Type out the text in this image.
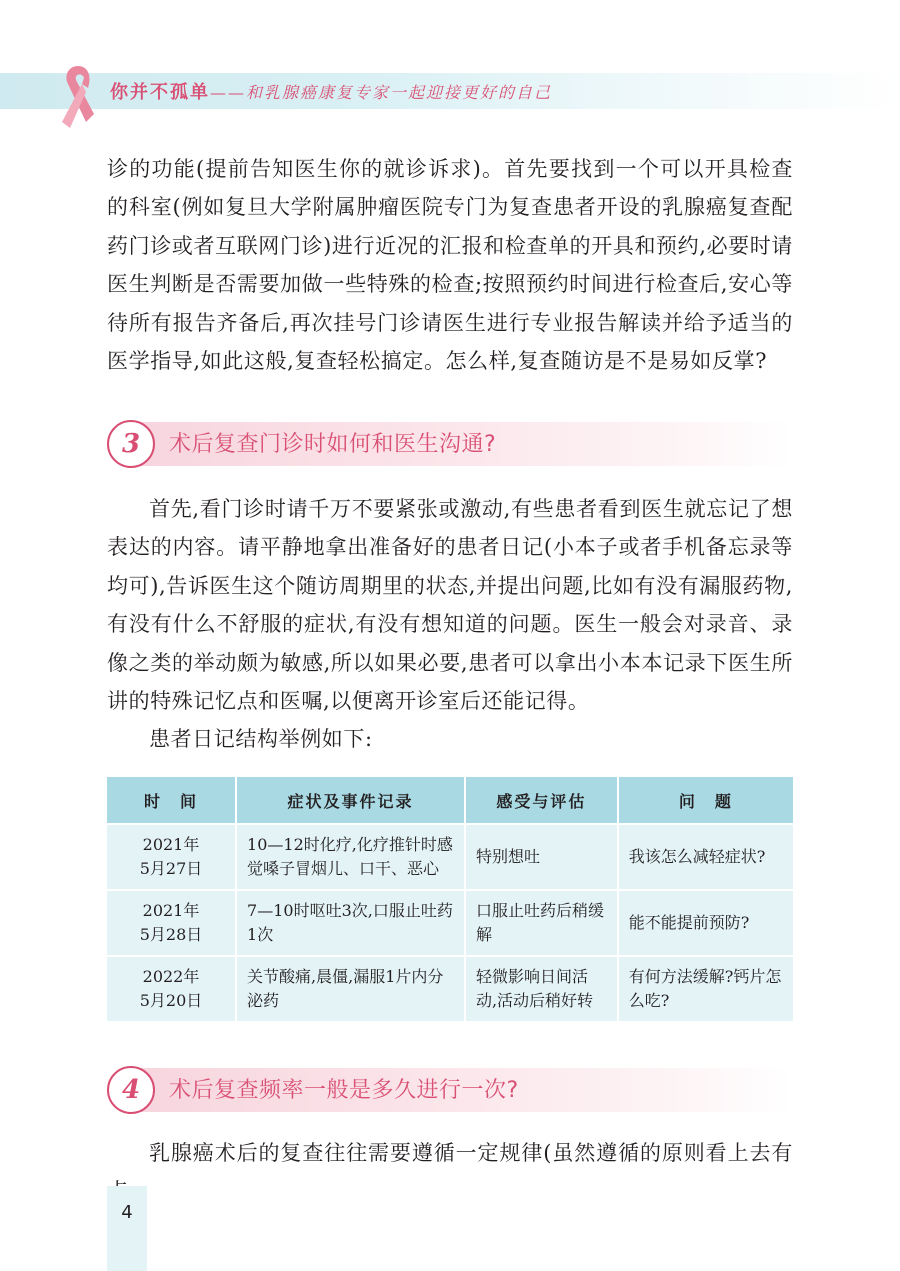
你并不孤单——和乳腺癌康复专家一起迎接更好的自己

诊的功能(提前告知医生你的就诊诉求)。首先要找到一个可以开具检查的科室(例如复旦大学附属肿瘤医院专门为复查患者开设的乳腺癌复查配药门诊或者互联网门诊)进行近况的汇报和检查单的开具和预约,必要时请医生判断是否需要加做一些特殊的检查;按照预约时间进行检查后,安心等待所有报告齐备后,再次挂号门诊请医生进行专业报告解读并给予适当的医学指导,如此这般,复查轻松搞定。怎么样,复查随访是不是易如反掌?

3	术后复查门诊时如何和医生沟通?

首先,看门诊时请千万不要紧张或激动,有些患者看到医生就忘记了想表达的内容。请平静地拿出准备好的患者日记(小本子或者手机备忘录等均可),告诉医生这个随访周期里的状态,并提出问题,比如有没有漏服药物,有没有什么不舒服的症状,有没有想知道的问题。医生一般会对录音、录像之类的举动颇为敏感,所以如果必要,患者可以拿出小本本记录下医生所讲的特殊记忆点和医嘱,以便离开诊室后还能记得。

患者日记结构举例如下:

时　间	症状及事件记录	感受与评估	问　题
2021年
5月27日	10—12时化疗,化疗推针时感觉嗓子冒烟儿、口干、恶心	特别想吐	我该怎么减轻症状?
2021年
5月28日	7—10时呕吐3次,口服止吐药1次	口服止吐药后稍缓解	能不能提前预防?
2022年
5月20日	关节酸痛,晨僵,漏服1片内分泌药	轻微影响日间活动,活动后稍好转	有何方法缓解?钙片怎么吃?
4	术后复查频率一般是多久进行一次?

乳腺癌术后的复查往往需要遵循一定规律(虽然遵循的原则看上去有

4
